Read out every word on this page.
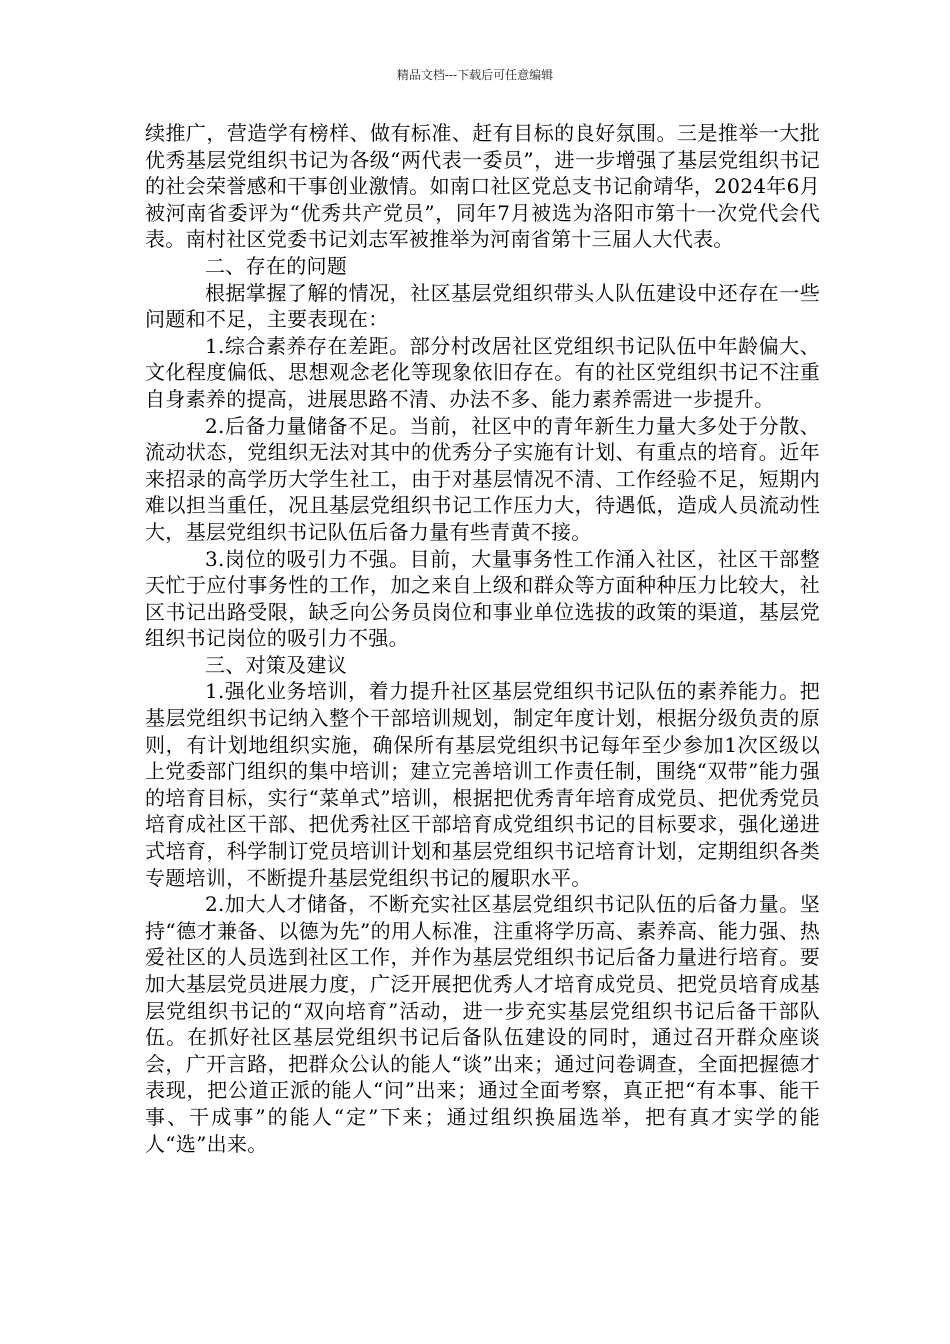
精品文档---下载后可任意编辑

续推广，营造学有榜样、做有标准、赶有目标的良好氛围。三是推举一大批优秀基层党组织书记为各级“两代表一委员”，进一步增强了基层党组织书记的社会荣誉感和干事创业激情。如南口社区党总支书记俞靖华，2024年6月被河南省委评为“优秀共产党员”，同年7月被选为洛阳市第十一次党代会代表。南村社区党委书记刘志军被推举为河南省第十三届人大代表。

二、存在的问题

根据掌握了解的情况，社区基层党组织带头人队伍建设中还存在一些问题和不足，主要表现在：

1.综合素养存在差距。部分村改居社区党组织书记队伍中年龄偏大、文化程度偏低、思想观念老化等现象依旧存在。有的社区党组织书记不注重自身素养的提高，进展思路不清、办法不多、能力素养需进一步提升。

2.后备力量储备不足。当前，社区中的青年新生力量大多处于分散、流动状态，党组织无法对其中的优秀分子实施有计划、有重点的培育。近年来招录的高学历大学生社工，由于对基层情况不清、工作经验不足，短期内难以担当重任，况且基层党组织书记工作压力大，待遇低，造成人员流动性大，基层党组织书记队伍后备力量有些青黄不接。

3.岗位的吸引力不强。目前，大量事务性工作涌入社区，社区干部整天忙于应付事务性的工作，加之来自上级和群众等方面种种压力比较大，社区书记出路受限，缺乏向公务员岗位和事业单位选拔的政策的渠道，基层党组织书记岗位的吸引力不强。

三、对策及建议

1.强化业务培训，着力提升社区基层党组织书记队伍的素养能力。把基层党组织书记纳入整个干部培训规划，制定年度计划，根据分级负责的原则，有计划地组织实施，确保所有基层党组织书记每年至少参加1次区级以上党委部门组织的集中培训；建立完善培训工作责任制，围绕“双带”能力强的培育目标，实行“菜单式”培训，根据把优秀青年培育成党员、把优秀党员培育成社区干部、把优秀社区干部培育成党组织书记的目标要求，强化递进式培育，科学制订党员培训计划和基层党组织书记培育计划，定期组织各类专题培训，不断提升基层党组织书记的履职水平。

2.加大人才储备，不断充实社区基层党组织书记队伍的后备力量。坚持“德才兼备、以德为先”的用人标准，注重将学历高、素养高、能力强、热爱社区的人员选到社区工作，并作为基层党组织书记后备力量进行培育。要加大基层党员进展力度，广泛开展把优秀人才培育成党员、把党员培育成基层党组织书记的“双向培育”活动，进一步充实基层党组织书记后备干部队伍。在抓好社区基层党组织书记后备队伍建设的同时，通过召开群众座谈会，广开言路，把群众公认的能人“谈”出来；通过问卷调查，全面把握德才表现，把公道正派的能人“问”出来；通过全面考察，真正把“有本事、能干事、干成事”的能人“定”下来；通过组织换届选举，把有真才实学的能人“选”出来。
